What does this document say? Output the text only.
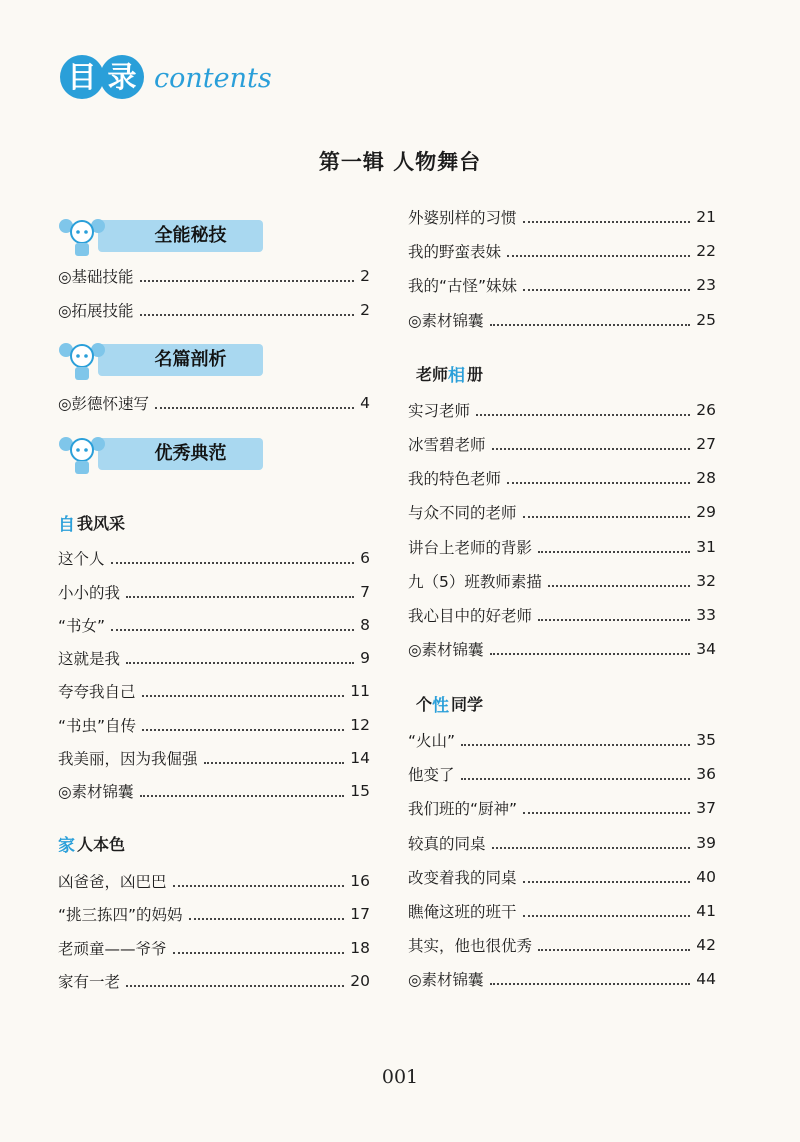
目 录 contents
第一辑 人物舞台
全能秘技
◎基础技能	2
◎拓展技能	2
名篇剖析
◎彭德怀速写	4
优秀典范
自 我风采
这个人	6
小小的我	7
“书女”	8
这就是我	9
夸夸我自己	11
“书虫”自传	12
我美丽，因为我倔强	14
◎素材锦囊	15
家 人本色
凶爸爸，凶巴巴	16
“挑三拣四”的妈妈	17
老顽童——爷爷	18
家有一老	20
外婆别样的习惯	21
我的野蛮表妹	22
我的“古怪”妹妹	23
◎素材锦囊	25
老师 相 册
实习老师	26
冰雪碧老师	27
我的特色老师	28
与众不同的老师	29
讲台上老师的背影	31
九（5）班教师素描	32
我心目中的好老师	33
◎素材锦囊	34
个 性 同学
“火山”	35
他变了	36
我们班的“厨神”	37
较真的同桌	39
改变着我的同桌	40
瞧俺这班的班干	41
其实，他也很优秀	42
◎素材锦囊	44
001
